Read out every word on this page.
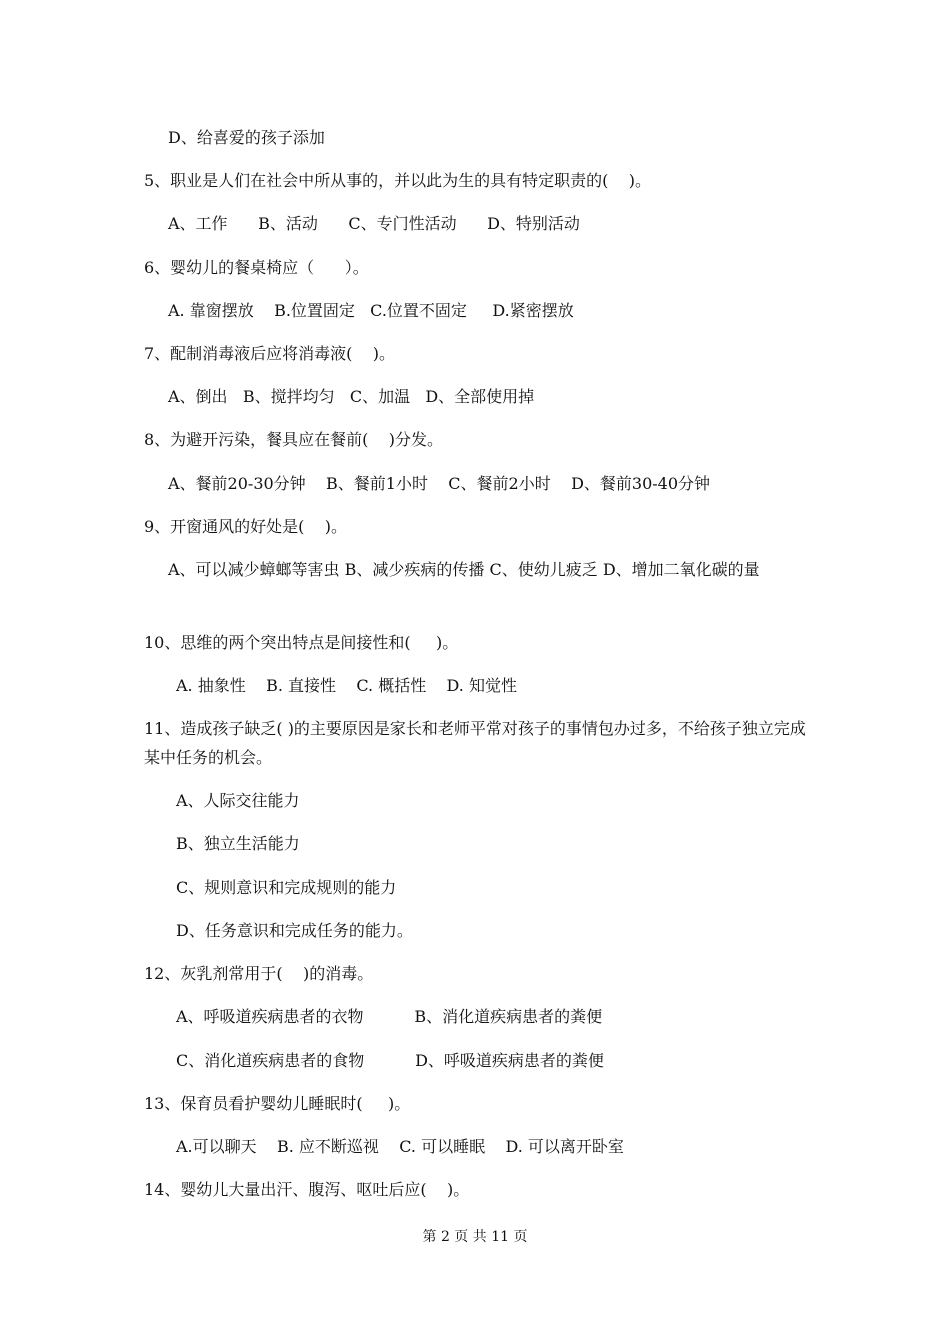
D、给喜爱的孩子添加
5、职业是人们在社会中所从事的，并以此为生的具有特定职责的(    )。
A、工作      B、活动      C、专门性活动      D、特别活动
6、婴幼儿的餐桌椅应（      ）。
A. 靠窗摆放    B.位置固定   C.位置不固定     D.紧密摆放
7、配制消毒液后应将消毒液(    )。
A、倒出   B、搅拌均匀   C、加温   D、全部使用掉
8、为避开污染，餐具应在餐前(    )分发。
A、餐前20-30分钟    B、餐前1小时    C、餐前2小时    D、餐前30-40分钟
9、开窗通风的好处是(    )。
A、可以减少蟑螂等害虫 B、减少疾病的传播 C、使幼儿疲乏 D、增加二氧化碳的量
10、思维的两个突出特点是间接性和(     )。
A. 抽象性    B. 直接性    C. 概括性    D. 知觉性
11、造成孩子缺乏( )的主要原因是家长和老师平常对孩子的事情包办过多，不给孩子独立完成某中任务的机会。
A、人际交往能力
B、独立生活能力
C、规则意识和完成规则的能力
D、任务意识和完成任务的能力。
12、灰乳剂常用于(    )的消毒。
A、呼吸道疾病患者的衣物          B、消化道疾病患者的粪便
C、消化道疾病患者的食物          D、呼吸道疾病患者的粪便
13、保育员看护婴幼儿睡眠时(     )。
A.可以聊天    B. 应不断巡视    C. 可以睡眠    D. 可以离开卧室
14、婴幼儿大量出汗、腹泻、呕吐后应(    )。
第 2 页 共 11 页
